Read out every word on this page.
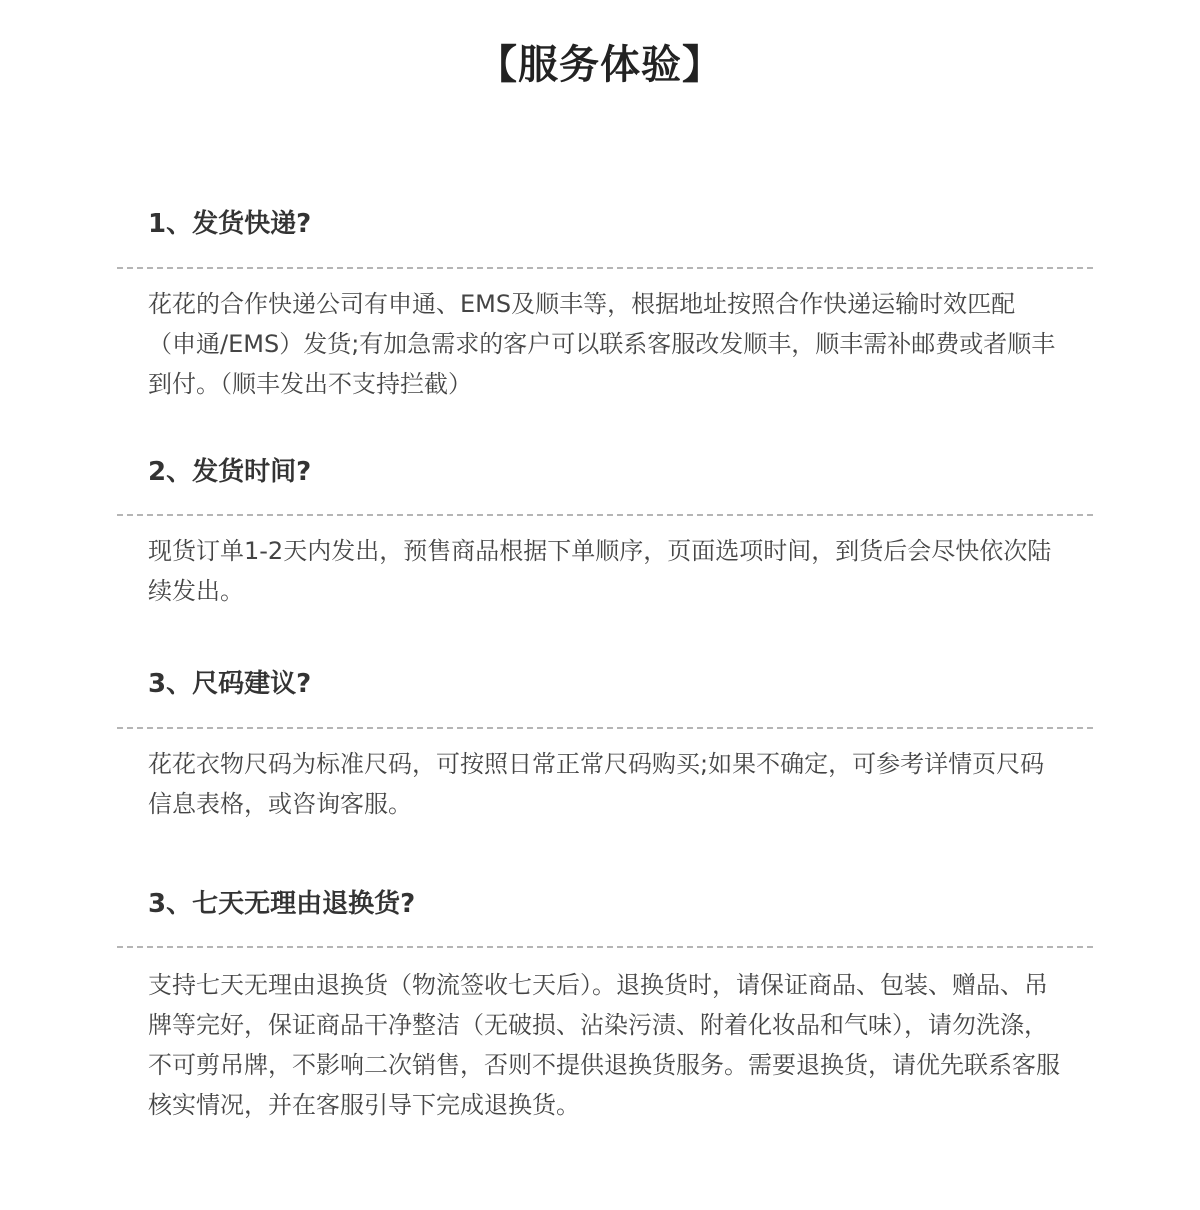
【服务体验】
1、发货快递?
花花的合作快递公司有申通、EMS及顺丰等，根据地址按照合作快递运输时效匹配（申通/EMS）发货;有加急需求的客户可以联系客服改发顺丰，顺丰需补邮费或者顺丰到付。（顺丰发出不支持拦截）
2、发货时间?
现货订单1-2天内发出，预售商品根据下单顺序，页面选项时间，到货后会尽快依次陆续发出。
3、尺码建议?
花花衣物尺码为标准尺码，可按照日常正常尺码购买;如果不确定，可参考详情页尺码信息表格，或咨询客服。
3、七天无理由退换货?
支持七天无理由退换货（物流签收七天后）。退换货时，请保证商品、包装、赠品、吊牌等完好，保证商品干净整洁（无破损、沾染污渍、附着化妆品和气味），请勿洗涤，不可剪吊牌，不影响二次销售，否则不提供退换货服务。需要退换货，请优先联系客服核实情况，并在客服引导下完成退换货。
